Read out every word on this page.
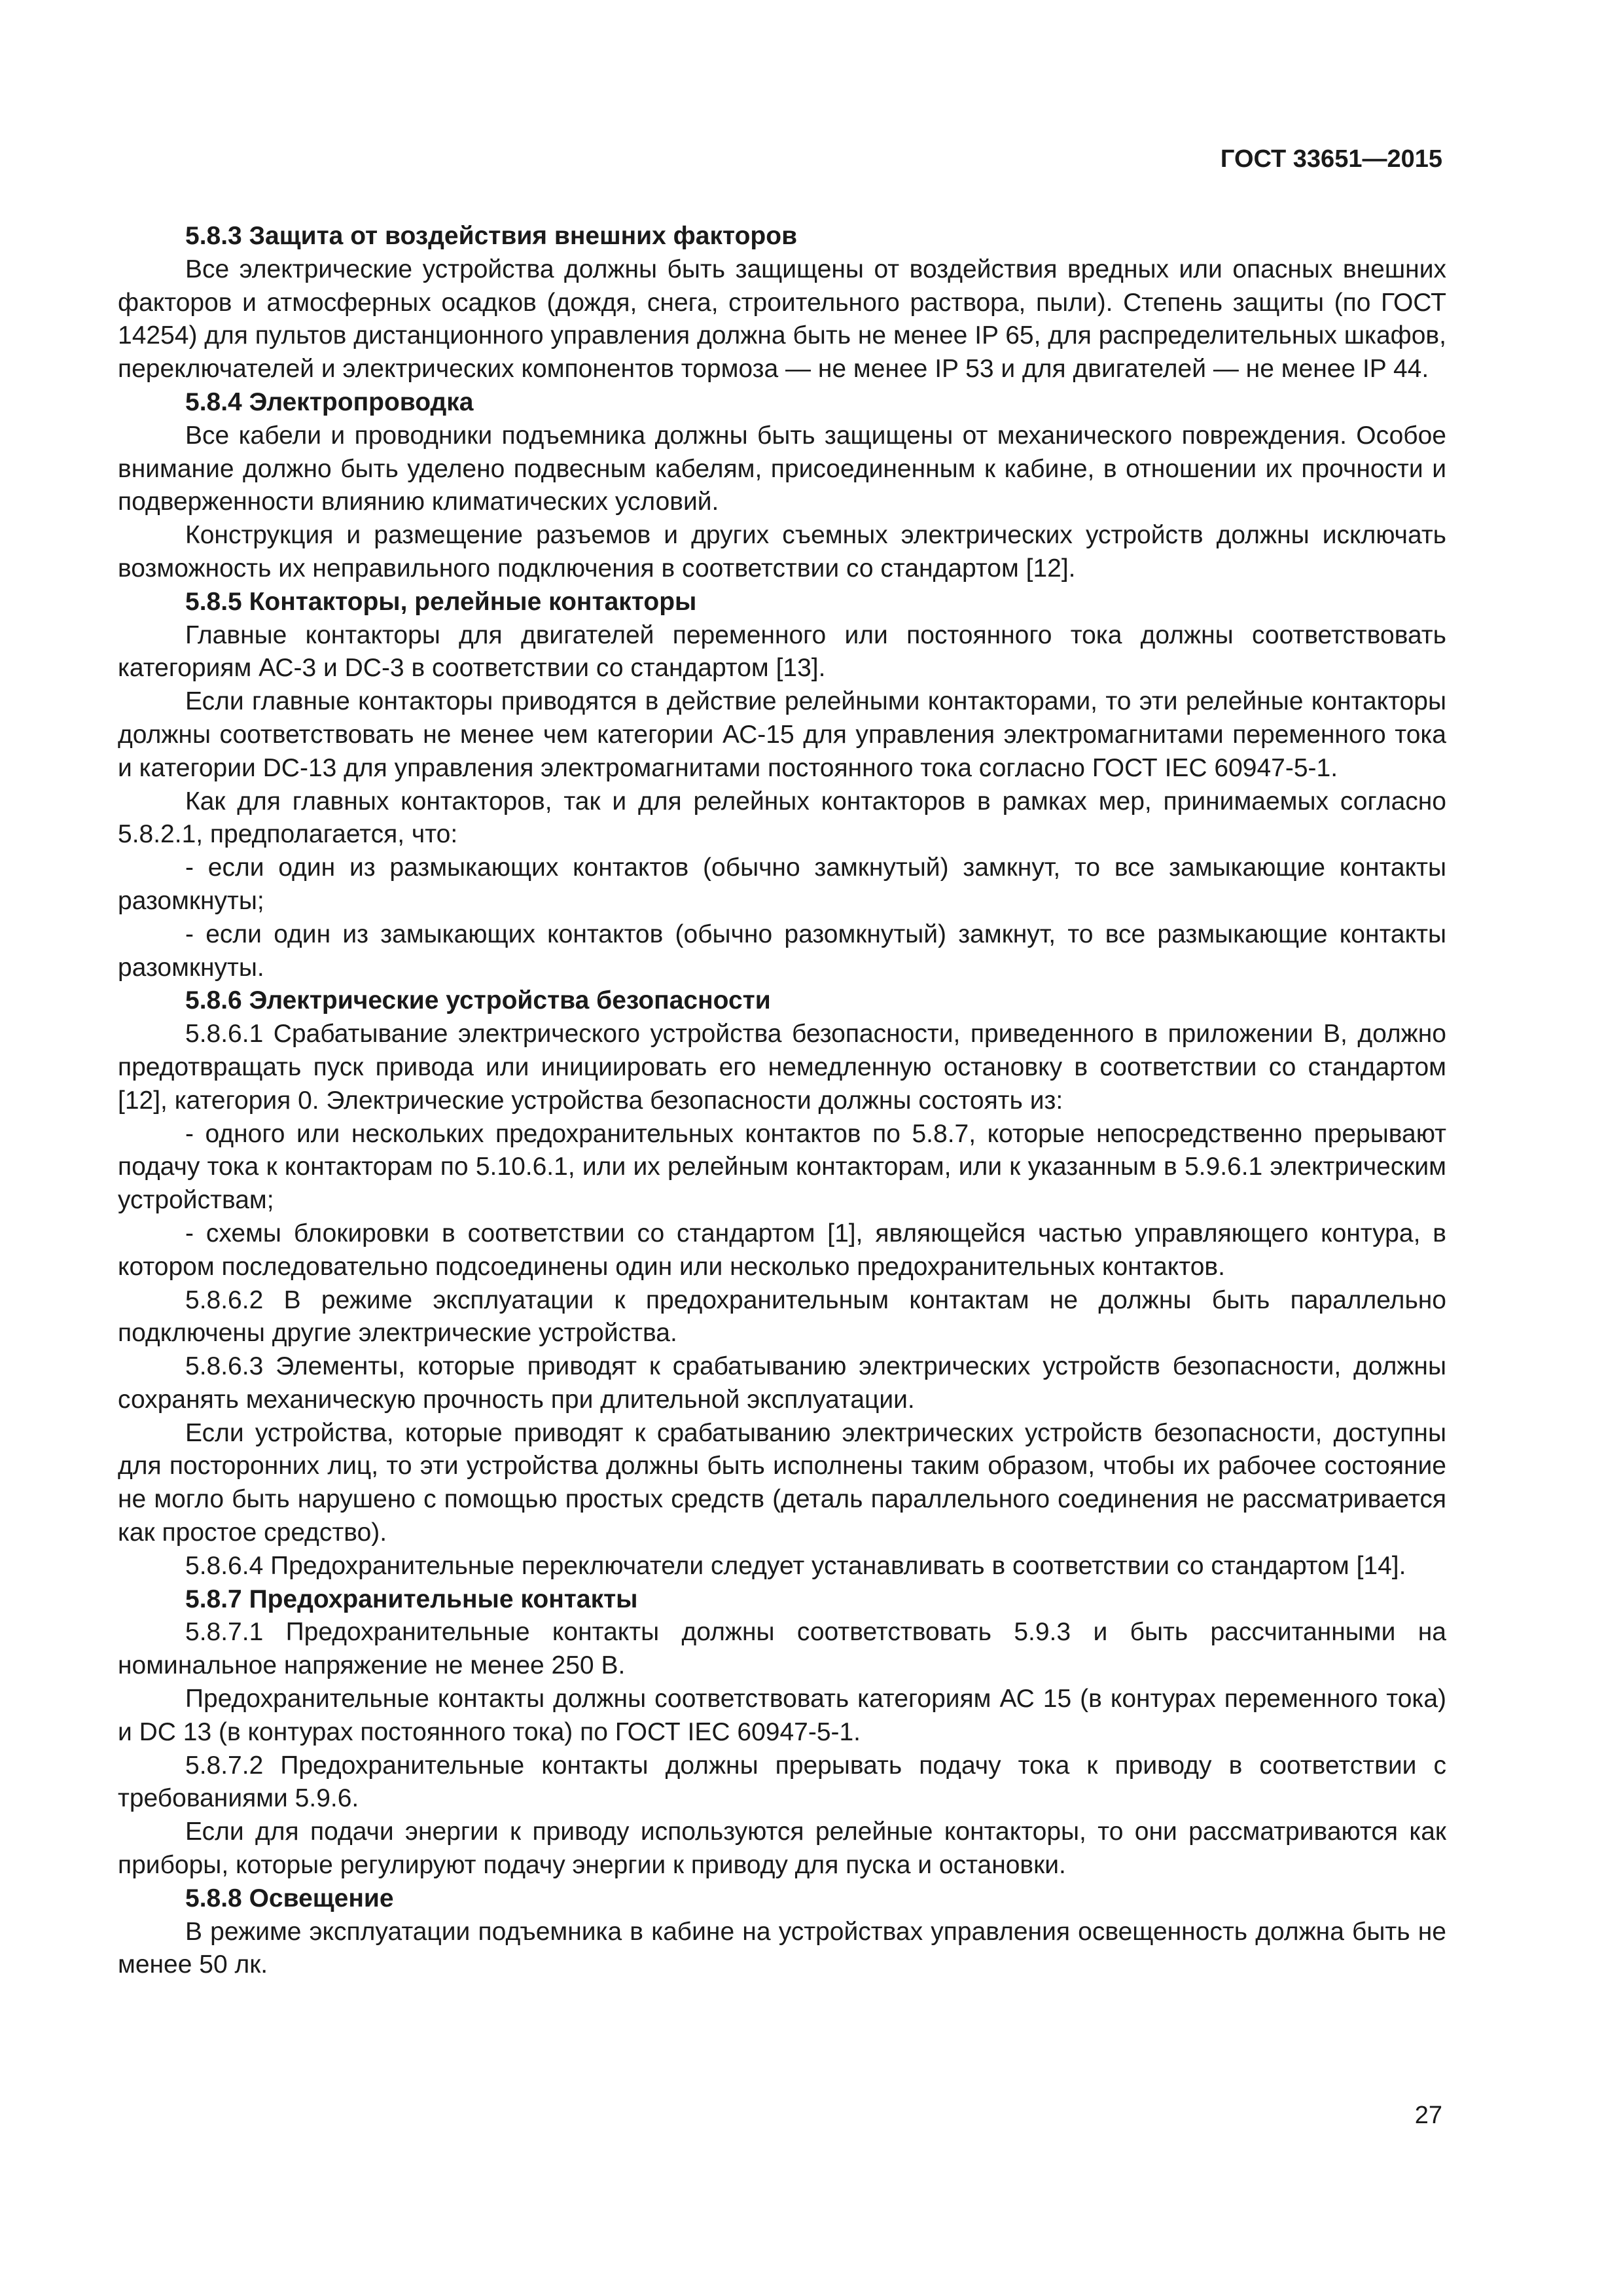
ГОСТ 33651—2015

5.8.3 Защита от воздействия внешних факторов

Все электрические устройства должны быть защищены от воздействия вредных или опасных внешних факторов и атмосферных осадков (дождя, снега, строительного раствора, пыли). Степень защиты (по ГОСТ 14254) для пультов дистанционного управления должна быть не менее IP 65, для распределительных шкафов, переключателей и электрических компонентов тормоза — не менее IP 53 и для двигателей — не менее IP 44.

5.8.4 Электропроводка

Все кабели и проводники подъемника должны быть защищены от механического повреждения. Особое внимание должно быть уделено подвесным кабелям, присоединенным к кабине, в отношении их прочности и подверженности влиянию климатических условий.

Конструкция и размещение разъемов и других съемных электрических устройств должны исключать возможность их неправильного подключения в соответствии со стандартом [12].

5.8.5 Контакторы, релейные контакторы

Главные контакторы для двигателей переменного или постоянного тока должны соответствовать категориям АС-3 и DC-3 в соответствии со стандартом [13].

Если главные контакторы приводятся в действие релейными контакторами, то эти релейные контакторы должны соответствовать не менее чем категории АС-15 для управления электромагнитами переменного тока и категории DC-13 для управления электромагнитами постоянного тока согласно ГОСТ IEC 60947-5-1.

Как для главных контакторов, так и для релейных контакторов в рамках мер, принимаемых согласно 5.8.2.1, предполагается, что:

- если один из размыкающих контактов (обычно замкнутый) замкнут, то все замыкающие контакты разомкнуты;

- если один из замыкающих контактов (обычно разомкнутый) замкнут, то все размыкающие контакты разомкнуты.

5.8.6 Электрические устройства безопасности

5.8.6.1 Срабатывание электрического устройства безопасности, приведенного в приложении В, должно предотвращать пуск привода или инициировать его немедленную остановку в соответствии со стандартом [12], категория 0. Электрические устройства безопасности должны состоять из:

- одного или нескольких предохранительных контактов по 5.8.7, которые непосредственно прерывают подачу тока к контакторам по 5.10.6.1, или их релейным контакторам, или к указанным в 5.9.6.1 электрическим устройствам;

- схемы блокировки в соответствии со стандартом [1], являющейся частью управляющего контура, в котором последовательно подсоединены один или несколько предохранительных контактов.

5.8.6.2 В режиме эксплуатации к предохранительным контактам не должны быть параллельно подключены другие электрические устройства.

5.8.6.3 Элементы, которые приводят к срабатыванию электрических устройств безопасности, должны сохранять механическую прочность при длительной эксплуатации.

Если устройства, которые приводят к срабатыванию электрических устройств безопасности, доступны для посторонних лиц, то эти устройства должны быть исполнены таким образом, чтобы их рабочее состояние не могло быть нарушено с помощью простых средств (деталь параллельного соединения не рассматривается как простое средство).

5.8.6.4 Предохранительные переключатели следует устанавливать в соответствии со стандартом [14].

5.8.7 Предохранительные контакты

5.8.7.1 Предохранительные контакты должны соответствовать 5.9.3 и быть рассчитанными на номинальное напряжение не менее 250 В.

Предохранительные контакты должны соответствовать категориям АС 15 (в контурах переменного тока) и DC 13 (в контурах постоянного тока) по ГОСТ IEC 60947-5-1.

5.8.7.2 Предохранительные контакты должны прерывать подачу тока к приводу в соответствии с требованиями 5.9.6.

Если для подачи энергии к приводу используются релейные контакторы, то они рассматриваются как приборы, которые регулируют подачу энергии к приводу для пуска и остановки.

5.8.8 Освещение

В режиме эксплуатации подъемника в кабине на устройствах управления освещенность должна быть не менее 50 лк.

27
